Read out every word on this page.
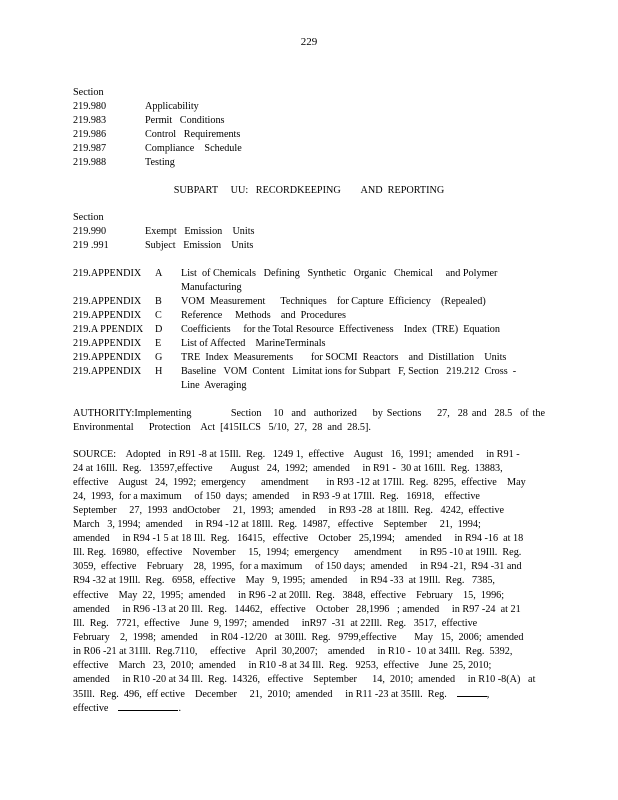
229
Section
219.980	Applicability
219.983	Permit   Conditions
219.986	Control   Requirements
219.987	Compliance    Schedule
219.988	Testing
SUBPART     UU:   RECORDKEEPING        AND  REPORTING
Section
219.990	Exempt   Emission    Units
219 .991	Subject   Emission    Units
219.APPENDIX A List  of Chemicals   Defining   Synthetic   Organic   Chemical     and Polymer
Manufacturing
219.APPENDIX B VOM  Measurement      Techniques    for Capture  Efficiency    (Repealed)
219.APPENDIX C Reference     Methods    and  Procedures
219.A PPENDIX D Coefficients     for the Total Resource  Effectiveness    Index  (TRE)  Equation
219.APPENDIX E List of Affected    MarineTerminals
219.APPENDIX G TRE  Index  Measurements       for SOCMI  Reactors    and  Distillation    Units
219.APPENDIX H Baseline   VOM  Content   Limitat ions for Subpart   F, Section   219.212  Cross  -
Line  Averaging

AUTHORITY:Implementing          Section   10  and  authorized    by Sections    27,  28 and  28.5  of the Environmental      Protection    Act  [415ILCS   5/10,  27,  28  and  28.5].

SOURCE:    Adopted   in R91 -8 at 15Ill.  Reg.   1249 1,  effective    August   16,  1991;  amended     in R91 -
24 at 16Ill.  Reg.   13597,effective       August   24,  1992;  amended     in R91 -  30 at 16Ill.  Reg.  13883,
effective    August   24,  1992;  emergency      amendment       in R93 -12 at 17Ill.  Reg.  8295,  effective    May
24,  1993,  for a maximum     of 150  days;  amended     in R93 -9 at 17Ill.  Reg.   16918,    effective
September     27,  1993  andOctober     21,  1993;  amended     in R93 -28  at 18Ill.  Reg.   4242,  effective
March   3, 1994;  amended     in R94 -12 at 18Ill.  Reg.  14987,   effective    September     21,  1994;
amended     in R94 -1 5 at 18 Ill.  Reg.   16415,   effective    October   25,1994;    amended     in R94 -16  at 18
Ill. Reg.  16980,   effective    November     15,  1994;  emergency      amendment       in R95 -10 at 19Ill.  Reg.
3059,  effective    February    28,  1995,  for a maximum     of 150 days;  amended     in R94 -21,  R94 -31 and
R94 -32 at 19Ill.  Reg.   6958,  effective    May   9, 1995;  amended     in R94 -33  at 19Ill.  Reg.   7385,
effective    May  22,  1995;  amended     in R96 -2 at 20Ill.  Reg.   3848,  effective    February    15,  1996;
amended     in R96 -13 at 20 Ill.  Reg.   14462,   effective    October   28,1996   ; amended     in R97 -24  at 21
Ill.  Reg.   7721,  effective    June  9, 1997;  amended     inR97  -31  at 22Ill.  Reg.   3517,  effective
February    2,  1998;  amended     in R04 -12/20   at 30Ill.  Reg.   9799,effective       May   15,  2006;  amended
in R06 -21 at 31Ill.  Reg.7110,     effective    April  30,2007;    amended     in R10 -  10 at 34Ill.  Reg.  5392,
effective    March   23,  2010;  amended     in R10 -8 at 34 Ill.  Reg.   9253,  effective    June  25, 2010;
amended     in R10 -20 at 34 Ill.  Reg.  14326,   effective    September      14,  2010;  amended     in R10 -8(A)   at
35Ill.  Reg.  496,  eff ective    December     21,  2010;  amended     in R11 -23 at 35Ill.  Reg.	,
effective	.
